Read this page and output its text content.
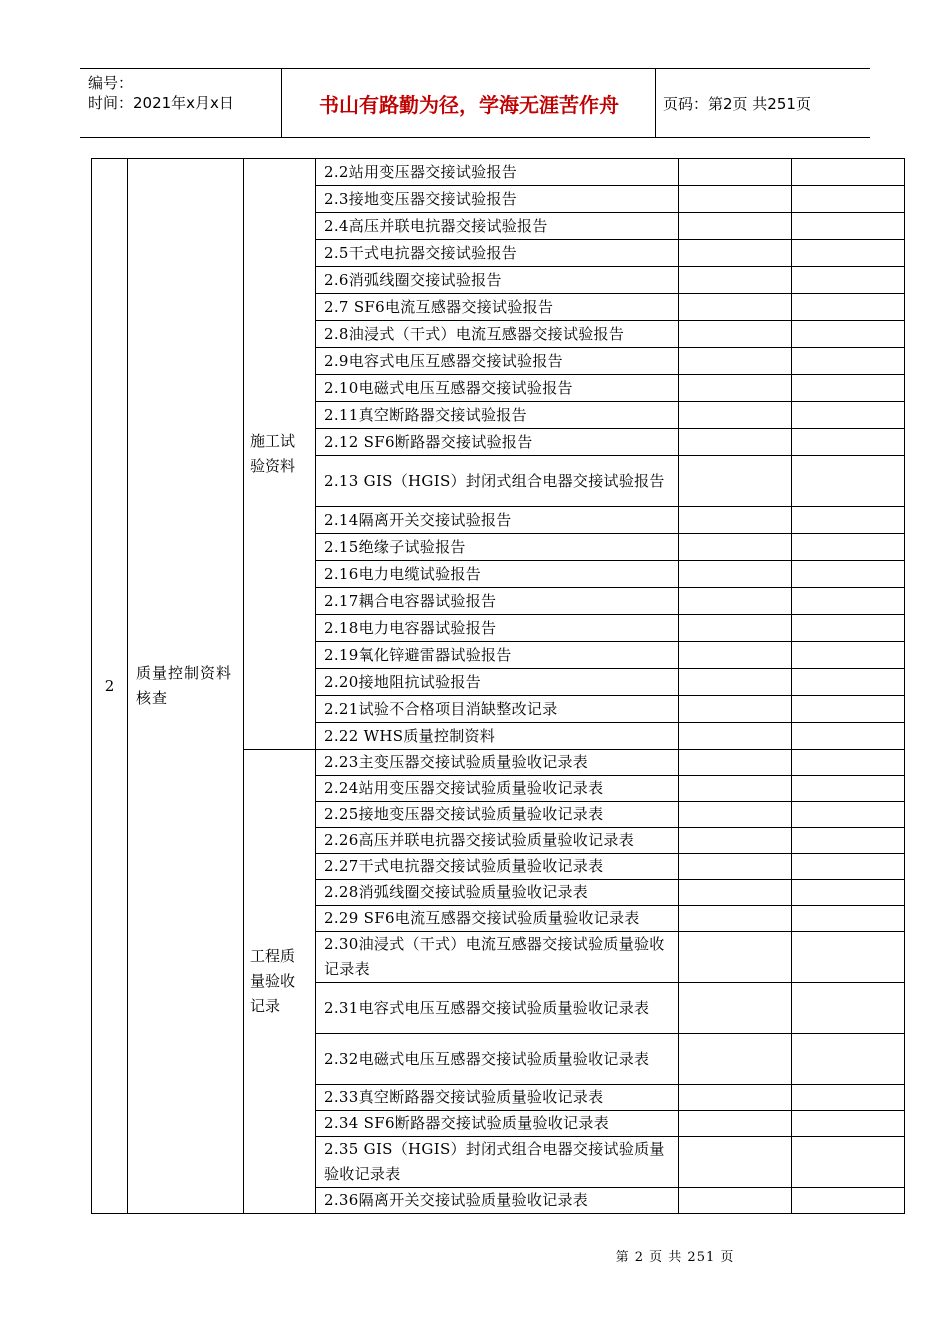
编号：
时间：2021年x月x日	书山有路勤为径，学海无涯苦作舟	页码：第2页 共251页
2	质量控制资料核查	施工试验资料	2.2站用变压器交接试验报告		
			2.3接地变压器交接试验报告		
			2.4高压并联电抗器交接试验报告		
			2.5干式电抗器交接试验报告		
			2.6消弧线圈交接试验报告		
			2.7 SF6电流互感器交接试验报告		
			2.8油浸式（干式）电流互感器交接试验报告		
			2.9电容式电压互感器交接试验报告		
			2.10电磁式电压互感器交接试验报告		
			2.11真空断路器交接试验报告		
			2.12 SF6断路器交接试验报告		
			2.13 GIS（HGIS）封闭式组合电器交接试验报告		
			2.14隔离开关交接试验报告		
			2.15绝缘子试验报告		
			2.16电力电缆试验报告		
			2.17耦合电容器试验报告		
			2.18电力电容器试验报告		
			2.19氧化锌避雷器试验报告		
			2.20接地阻抗试验报告		
			2.21试验不合格项目消缺整改记录		
			2.22 WHS质量控制资料		
		工程质量验收记录	2.23主变压器交接试验质量验收记录表		
			2.24站用变压器交接试验质量验收记录表		
			2.25接地变压器交接试验质量验收记录表		
			2.26高压并联电抗器交接试验质量验收记录表		
			2.27干式电抗器交接试验质量验收记录表		
			2.28消弧线圈交接试验质量验收记录表		
			2.29 SF6电流互感器交接试验质量验收记录表		
			2.30油浸式（干式）电流互感器交接试验质量验收记录表		
			2.31电容式电压互感器交接试验质量验收记录表		
			2.32电磁式电压互感器交接试验质量验收记录表		
			2.33真空断路器交接试验质量验收记录表		
			2.34 SF6断路器交接试验质量验收记录表		
			2.35 GIS（HGIS）封闭式组合电器交接试验质量验收记录表		
			2.36隔离开关交接试验质量验收记录表		
第 2 页 共 251 页
